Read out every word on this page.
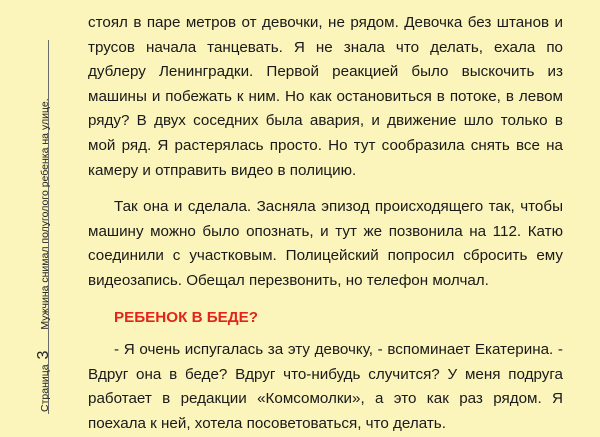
Страница 3 Мужчина снимал полуголого ребенка на улице.

стоял в паре метров от девочки, не рядом. Девочка без штанов и трусов начала танцевать. Я не знала что делать, ехала по дублеру Ленинградки. Первой реакцией было выскочить из машины и побежать к ним. Но как остановиться в потоке, в левом ряду? В двух соседних была авария, и движение шло только в мой ряд. Я растерялась просто. Но тут сообразила снять все на камеру и отправить видео в полицию.

Так она и сделала. Засняла эпизод происходящего так, чтобы машину можно было опознать, и тут же позвонила на 112. Катю соединили с участковым. Полицейский попросил сбросить ему видеозапись. Обещал перезвонить, но телефон молчал.

РЕБЕНОК В БЕДЕ?

- Я очень испугалась за эту девочку, - вспоминает Екатерина. - Вдруг она в беде? Вдруг что-нибудь случится? У меня подруга работает в редакции «Комсомолки», а это как раз рядом. Я поехала к ней, хотела посоветоваться, что делать.
